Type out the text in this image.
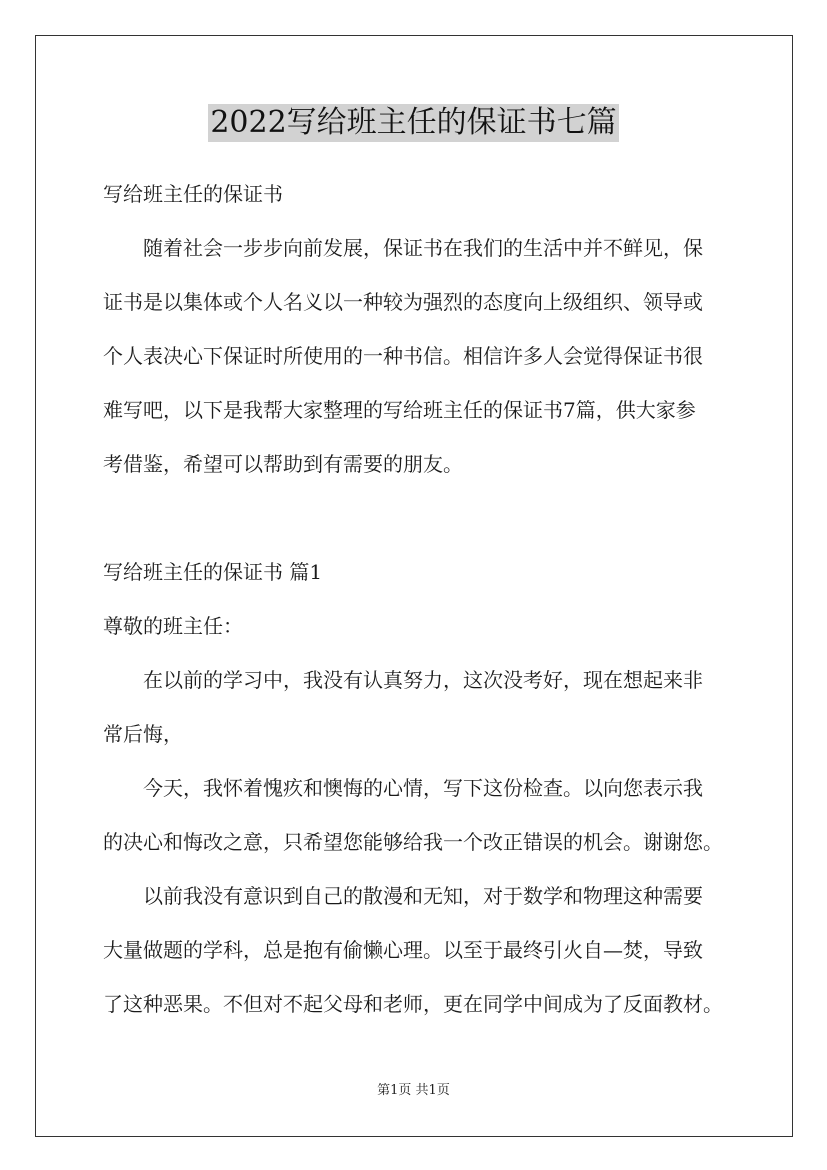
2022写给班主任的保证书七篇
写给班主任的保证书
随着社会一步步向前发展，保证书在我们的生活中并不鲜见，保
证书是以集体或个人名义以一种较为强烈的态度向上级组织、领导或
个人表决心下保证时所使用的一种书信。相信许多人会觉得保证书很
难写吧，以下是我帮大家整理的写给班主任的保证书7篇，供大家参
考借鉴，希望可以帮助到有需要的朋友。
写给班主任的保证书 篇1
尊敬的班主任：
在以前的学习中，我没有认真努力，这次没考好，现在想起来非
常后悔，
今天，我怀着愧疚和懊悔的心情，写下这份检查。以向您表示我
的决心和悔改之意，只希望您能够给我一个改正错误的机会。谢谢您。
以前我没有意识到自己的散漫和无知，对于数学和物理这种需要
大量做题的学科，总是抱有偷懒心理。以至于最终引火自—焚，导致
了这种恶果。不但对不起父母和老师，更在同学中间成为了反面教材。
第1页 共1页
